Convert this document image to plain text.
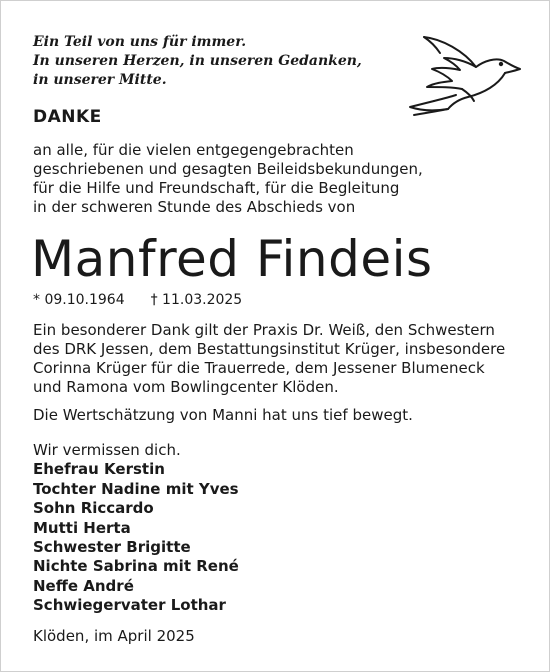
Ein Teil von uns für immer.
In unseren Herzen, in unseren Gedanken,
in unserer Mitte.
DANKE
an alle, für die vielen entgegengebrachten
geschriebenen und gesagten Beileidsbekundungen,
für die Hilfe und Freundschaft, für die Begleitung
in der schweren Stunde des Abschieds von
Manfred Findeis
* 09.10.1964 † 11.03.2025
Ein besonderer Dank gilt der Praxis Dr. Weiß, den Schwestern
des DRK Jessen, dem Bestattungsinstitut Krüger, insbesondere
Corinna Krüger für die Trauerrede, dem Jessener Blumeneck
und Ramona vom Bowlingcenter Klöden.
Die Wertschätzung von Manni hat uns tief bewegt.
Wir vermissen dich.
Ehefrau Kerstin
Tochter Nadine mit Yves
Sohn Riccardo
Mutti Herta
Schwester Brigitte
Nichte Sabrina mit René
Neffe André
Schwiegervater Lothar
Klöden, im April 2025
